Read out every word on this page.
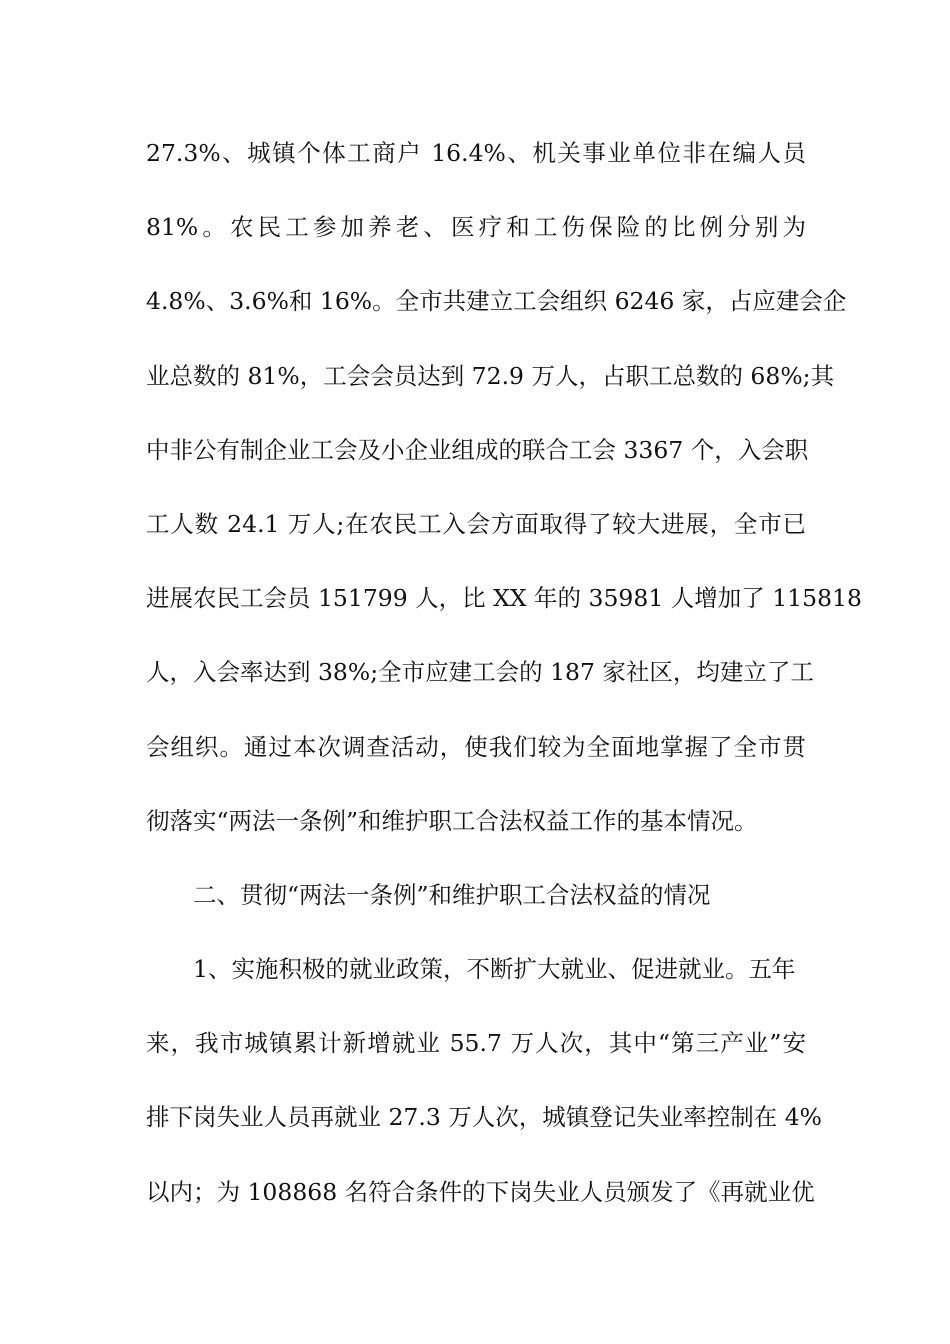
27.3%、城镇个体工商户 16.4%、机关事业单位非在编人员
81%。农民工参加养老、医疗和工伤保险的比例分别为
4.8%、3.6%和 16%。全市共建立工会组织 6246 家，占应建会企
业总数的 81%，工会会员达到 72.9 万人，占职工总数的 68%;其
中非公有制企业工会及小企业组成的联合工会 3367 个，入会职
工人数 24.1 万人;在农民工入会方面取得了较大进展，全市已
进展农民工会员 151799 人，比 XX 年的 35981 人增加了 115818
人，入会率达到 38%;全市应建工会的 187 家社区，均建立了工
会组织。通过本次调查活动，使我们较为全面地掌握了全市贯
彻落实“两法一条例”和维护职工合法权益工作的基本情况。
二、贯彻“两法一条例”和维护职工合法权益的情况
1、实施积极的就业政策，不断扩大就业、促进就业。五年
来，我市城镇累计新增就业 55.7 万人次，其中“第三产业”安
排下岗失业人员再就业 27.3 万人次，城镇登记失业率控制在 4%
以内；为 108868 名符合条件的下岗失业人员颁发了《再就业优
